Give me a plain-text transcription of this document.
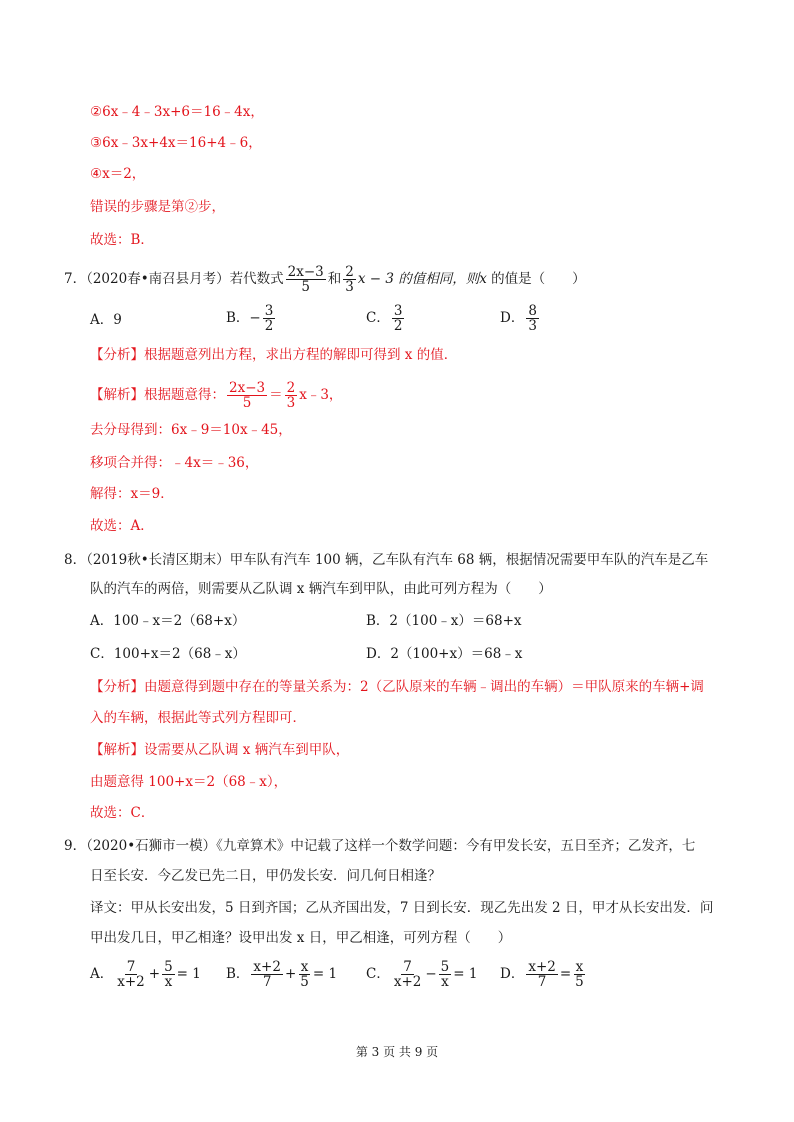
②6x﹣4﹣3x+6＝16﹣4x，
③6x﹣3x+4x＝16+4﹣6，
④x＝2，
错误的步骤是第②步，
故选：B．
7．（2020春•南召县月考）若代数式 $\frac{2x-3}{5}$ 和 $\frac{2}{3}$ x − 3 的值相同，则x 的值是（　　）
A．9	B．− $\frac{3}{2}$	C． $\frac{3}{2}$	D． $\frac{8}{3}$
【分析】根据题意列出方程，求出方程的解即可得到 x 的值．
【解析】根据题意得： $\frac{2x-3}{5} = \frac{2}{3}$ x﹣3，
去分母得到：6x﹣9＝10x﹣45，
移项合并得：﹣4x＝﹣36，
解得：x＝9．
故选：A．
8．（2019秋•长清区期末）甲车队有汽车 100 辆，乙车队有汽车 68 辆，根据情况需要甲车队的汽车是乙车
队的汽车的两倍，则需要从乙队调 x 辆汽车到甲队，由此可列方程为（　　）
A．100﹣x＝2（68+x）	B．2（100﹣x）＝68+x
C．100+x＝2（68﹣x）	D．2（100+x）＝68﹣x
【分析】由题意得到题中存在的等量关系为：2（乙队原来的车辆﹣调出的车辆）＝甲队原来的车辆+调
入的车辆，根据此等式列方程即可．
【解析】设需要从乙队调 x 辆汽车到甲队，
由题意得 100+x＝2（68﹣x），
故选：C．
9．（2020•石狮市一模）《九章算术》中记载了这样一个数学问题：今有甲发长安，五日至齐；乙发齐，七
日至长安．今乙发已先二日，甲仍发长安．问几何日相逢？
译文：甲从长安出发，5 日到齐国；乙从齐国出发，7 日到长安．现乙先出发 2 日，甲才从长安出发．问
甲出发几日，甲乙相逢？设甲出发 x 日，甲乙相逢，可列方程（　　）
A． $\frac{7}{x+2} + \frac{5}{x} = 1$ B． $\frac{x+2}{7} + \frac{x}{5} = 1$ C． $\frac{7}{x+2} - \frac{5}{x} = 1$ D． $\frac{x+2}{7} = \frac{x}{5}$
第 3 页 共 9 页
